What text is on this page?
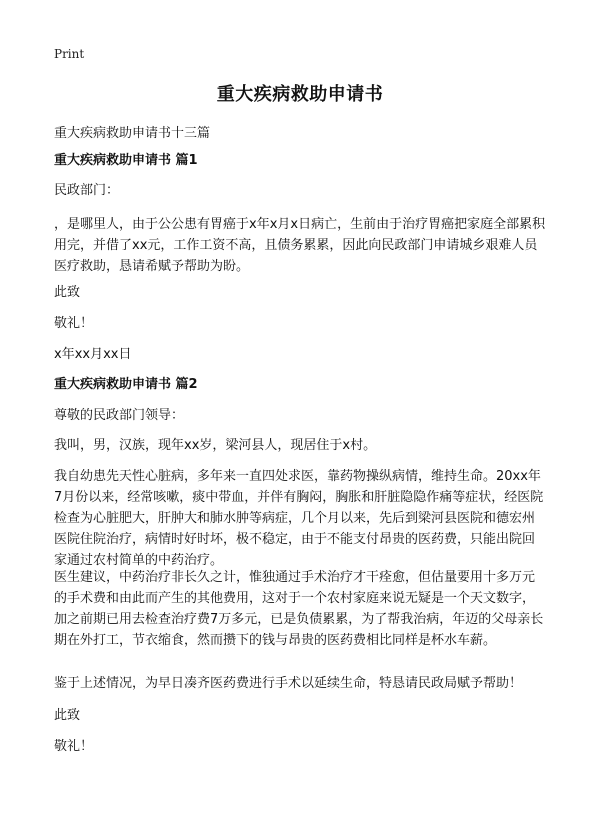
Print
重大疾病救助申请书
重大疾病救助申请书十三篇
重大疾病救助申请书 篇1
民政部门：
，是哪里人，由于公公患有胃癌于x年x月x日病亡，生前由于治疗胃癌把家庭全部累积用完，并借了xx元，工作工资不高，且债务累累，因此向民政部门申请城乡艰难人员医疗救助，恳请希赋予帮助为盼。
此致
敬礼！
x年xx月xx日
重大疾病救助申请书 篇2
尊敬的民政部门领导：
我叫，男，汉族，现年xx岁，梁河县人，现居住于x村。
我自幼患先天性心脏病，多年来一直四处求医，靠药物操纵病情，维持生命。20xx年7月份以来，经常咳嗽，痰中带血，并伴有胸闷，胸胀和肝脏隐隐作痛等症状，经医院检查为心脏肥大，肝肿大和肺水肿等病症，几个月以来，先后到梁河县医院和德宏州医院住院治疗，病情时好时坏，极不稳定，由于不能支付昂贵的医药费，只能出院回家通过农村简单的中药治疗。
医生建议，中药治疗非长久之计，惟独通过手术治疗才干痊愈，但估量要用十多万元的手术费和由此而产生的其他费用，这对于一个农村家庭来说无疑是一个天文数字，加之前期已用去检查治疗费7万多元，已是负债累累，为了帮我治病，年迈的父母亲长期在外打工，节衣缩食，然而攒下的钱与昂贵的医药费相比同样是杯水车薪。
鉴于上述情况，为早日凑齐医药费进行手术以延续生命，特恳请民政局赋予帮助！
此致
敬礼！
